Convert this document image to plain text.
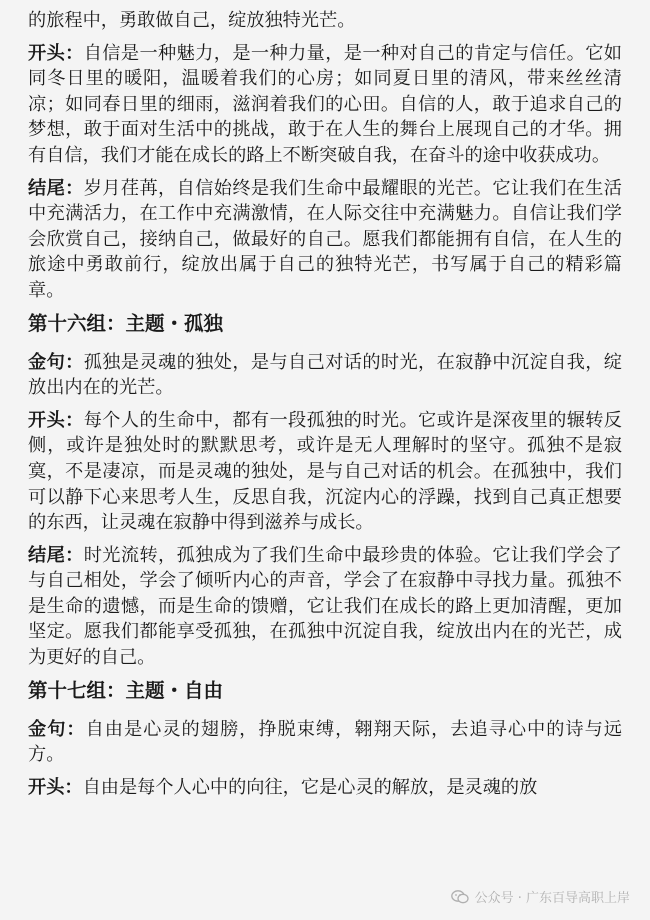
的旅程中，勇敢做自己，绽放独特光芒。

开头：自信是一种魅力，是一种力量，是一种对自己的肯定与信任。它如同冬日里的暖阳，温暖着我们的心房；如同夏日里的清风，带来丝丝清凉；如同春日里的细雨，滋润着我们的心田。自信的人，敢于追求自己的梦想，敢于面对生活中的挑战，敢于在人生的舞台上展现自己的才华。拥有自信，我们才能在成长的路上不断突破自我，在奋斗的途中收获成功。

结尾：岁月荏苒，自信始终是我们生命中最耀眼的光芒。它让我们在生活中充满活力，在工作中充满激情，在人际交往中充满魅力。自信让我们学会欣赏自己，接纳自己，做最好的自己。愿我们都能拥有自信，在人生的旅途中勇敢前行，绽放出属于自己的独特光芒，书写属于自己的精彩篇章。

第十六组：主题・孤独

金句：孤独是灵魂的独处，是与自己对话的时光，在寂静中沉淀自我，绽放出内在的光芒。

开头：每个人的生命中，都有一段孤独的时光。它或许是深夜里的辗转反侧，或许是独处时的默默思考，或许是无人理解时的坚守。孤独不是寂寞，不是凄凉，而是灵魂的独处，是与自己对话的机会。在孤独中，我们可以静下心来思考人生，反思自我，沉淀内心的浮躁，找到自己真正想要的东西，让灵魂在寂静中得到滋养与成长。

结尾：时光流转，孤独成为了我们生命中最珍贵的体验。它让我们学会了与自己相处，学会了倾听内心的声音，学会了在寂静中寻找力量。孤独不是生命的遗憾，而是生命的馈赠，它让我们在成长的路上更加清醒，更加坚定。愿我们都能享受孤独，在孤独中沉淀自我，绽放出内在的光芒，成为更好的自己。

第十七组：主题・自由

金句：自由是心灵的翅膀，挣脱束缚，翱翔天际，去追寻心中的诗与远方。

开头：自由是每个人心中的向往，它是心灵的解放，是灵魂的放

公众号 · 广东百导高职上岸
